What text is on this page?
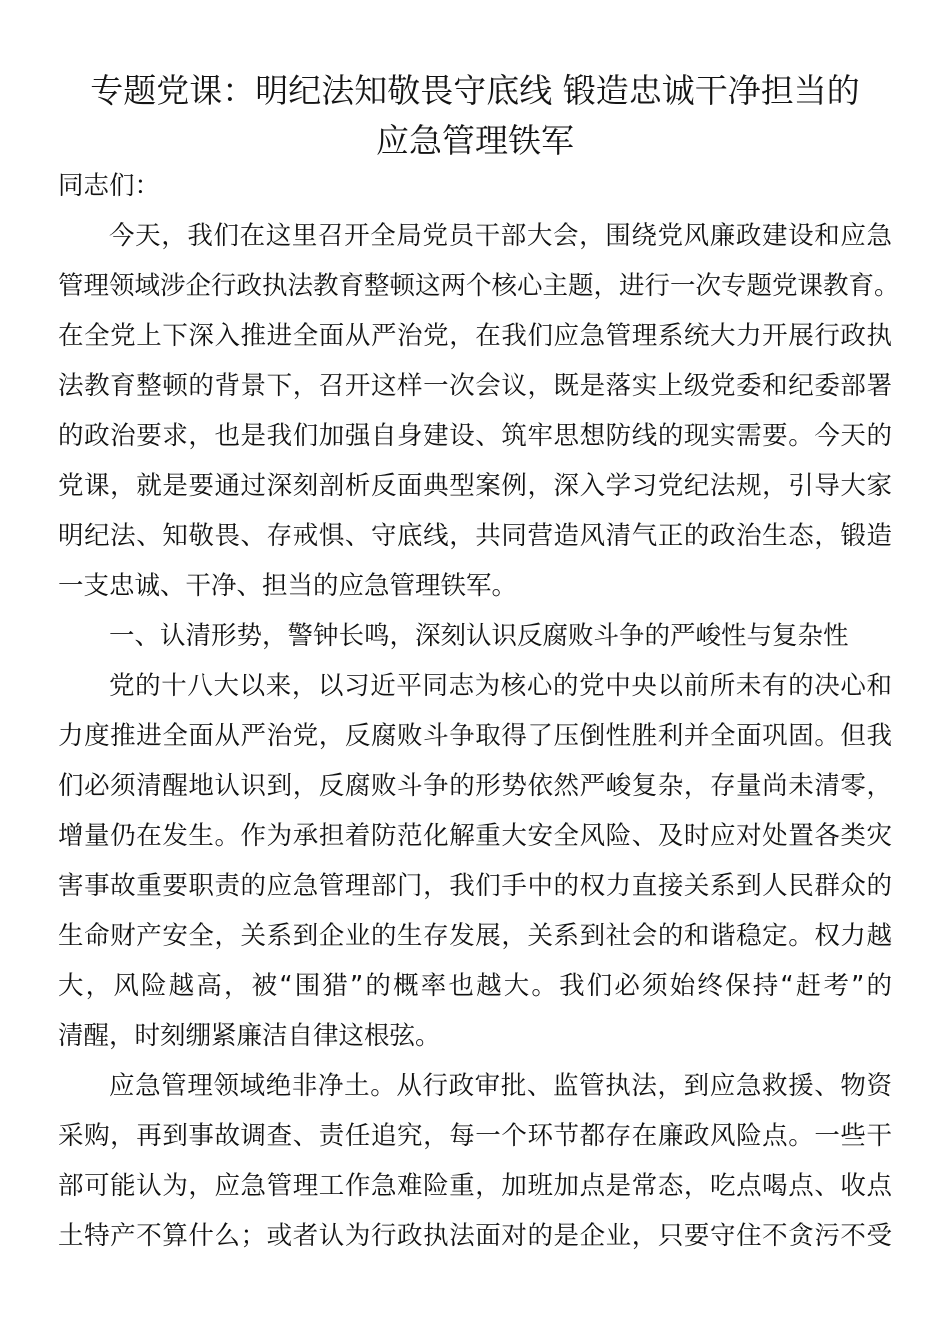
专题党课：明纪法知敬畏守底线 锻造忠诚干净担当的
应急管理铁军
同志们：
今天，我们在这里召开全局党员干部大会，围绕党风廉政建设和应急
管理领域涉企行政执法教育整顿这两个核心主题，进行一次专题党课教育。
在全党上下深入推进全面从严治党，在我们应急管理系统大力开展行政执
法教育整顿的背景下，召开这样一次会议，既是落实上级党委和纪委部署
的政治要求，也是我们加强自身建设、筑牢思想防线的现实需要。今天的
党课，就是要通过深刻剖析反面典型案例，深入学习党纪法规，引导大家
明纪法、知敬畏、存戒惧、守底线，共同营造风清气正的政治生态，锻造
一支忠诚、干净、担当的应急管理铁军。
一、认清形势，警钟长鸣，深刻认识反腐败斗争的严峻性与复杂性
党的十八大以来，以习近平同志为核心的党中央以前所未有的决心和
力度推进全面从严治党，反腐败斗争取得了压倒性胜利并全面巩固。但我
们必须清醒地认识到，反腐败斗争的形势依然严峻复杂，存量尚未清零，
增量仍在发生。作为承担着防范化解重大安全风险、及时应对处置各类灾
害事故重要职责的应急管理部门，我们手中的权力直接关系到人民群众的
生命财产安全，关系到企业的生存发展，关系到社会的和谐稳定。权力越
大，风险越高，被“围猎”的概率也越大。我们必须始终保持“赶考”的
清醒，时刻绷紧廉洁自律这根弦。
应急管理领域绝非净土。从行政审批、监管执法，到应急救援、物资
采购，再到事故调查、责任追究，每一个环节都存在廉政风险点。一些干
部可能认为，应急管理工作急难险重，加班加点是常态，吃点喝点、收点
土特产不算什么；或者认为行政执法面对的是企业，只要守住不贪污不受
